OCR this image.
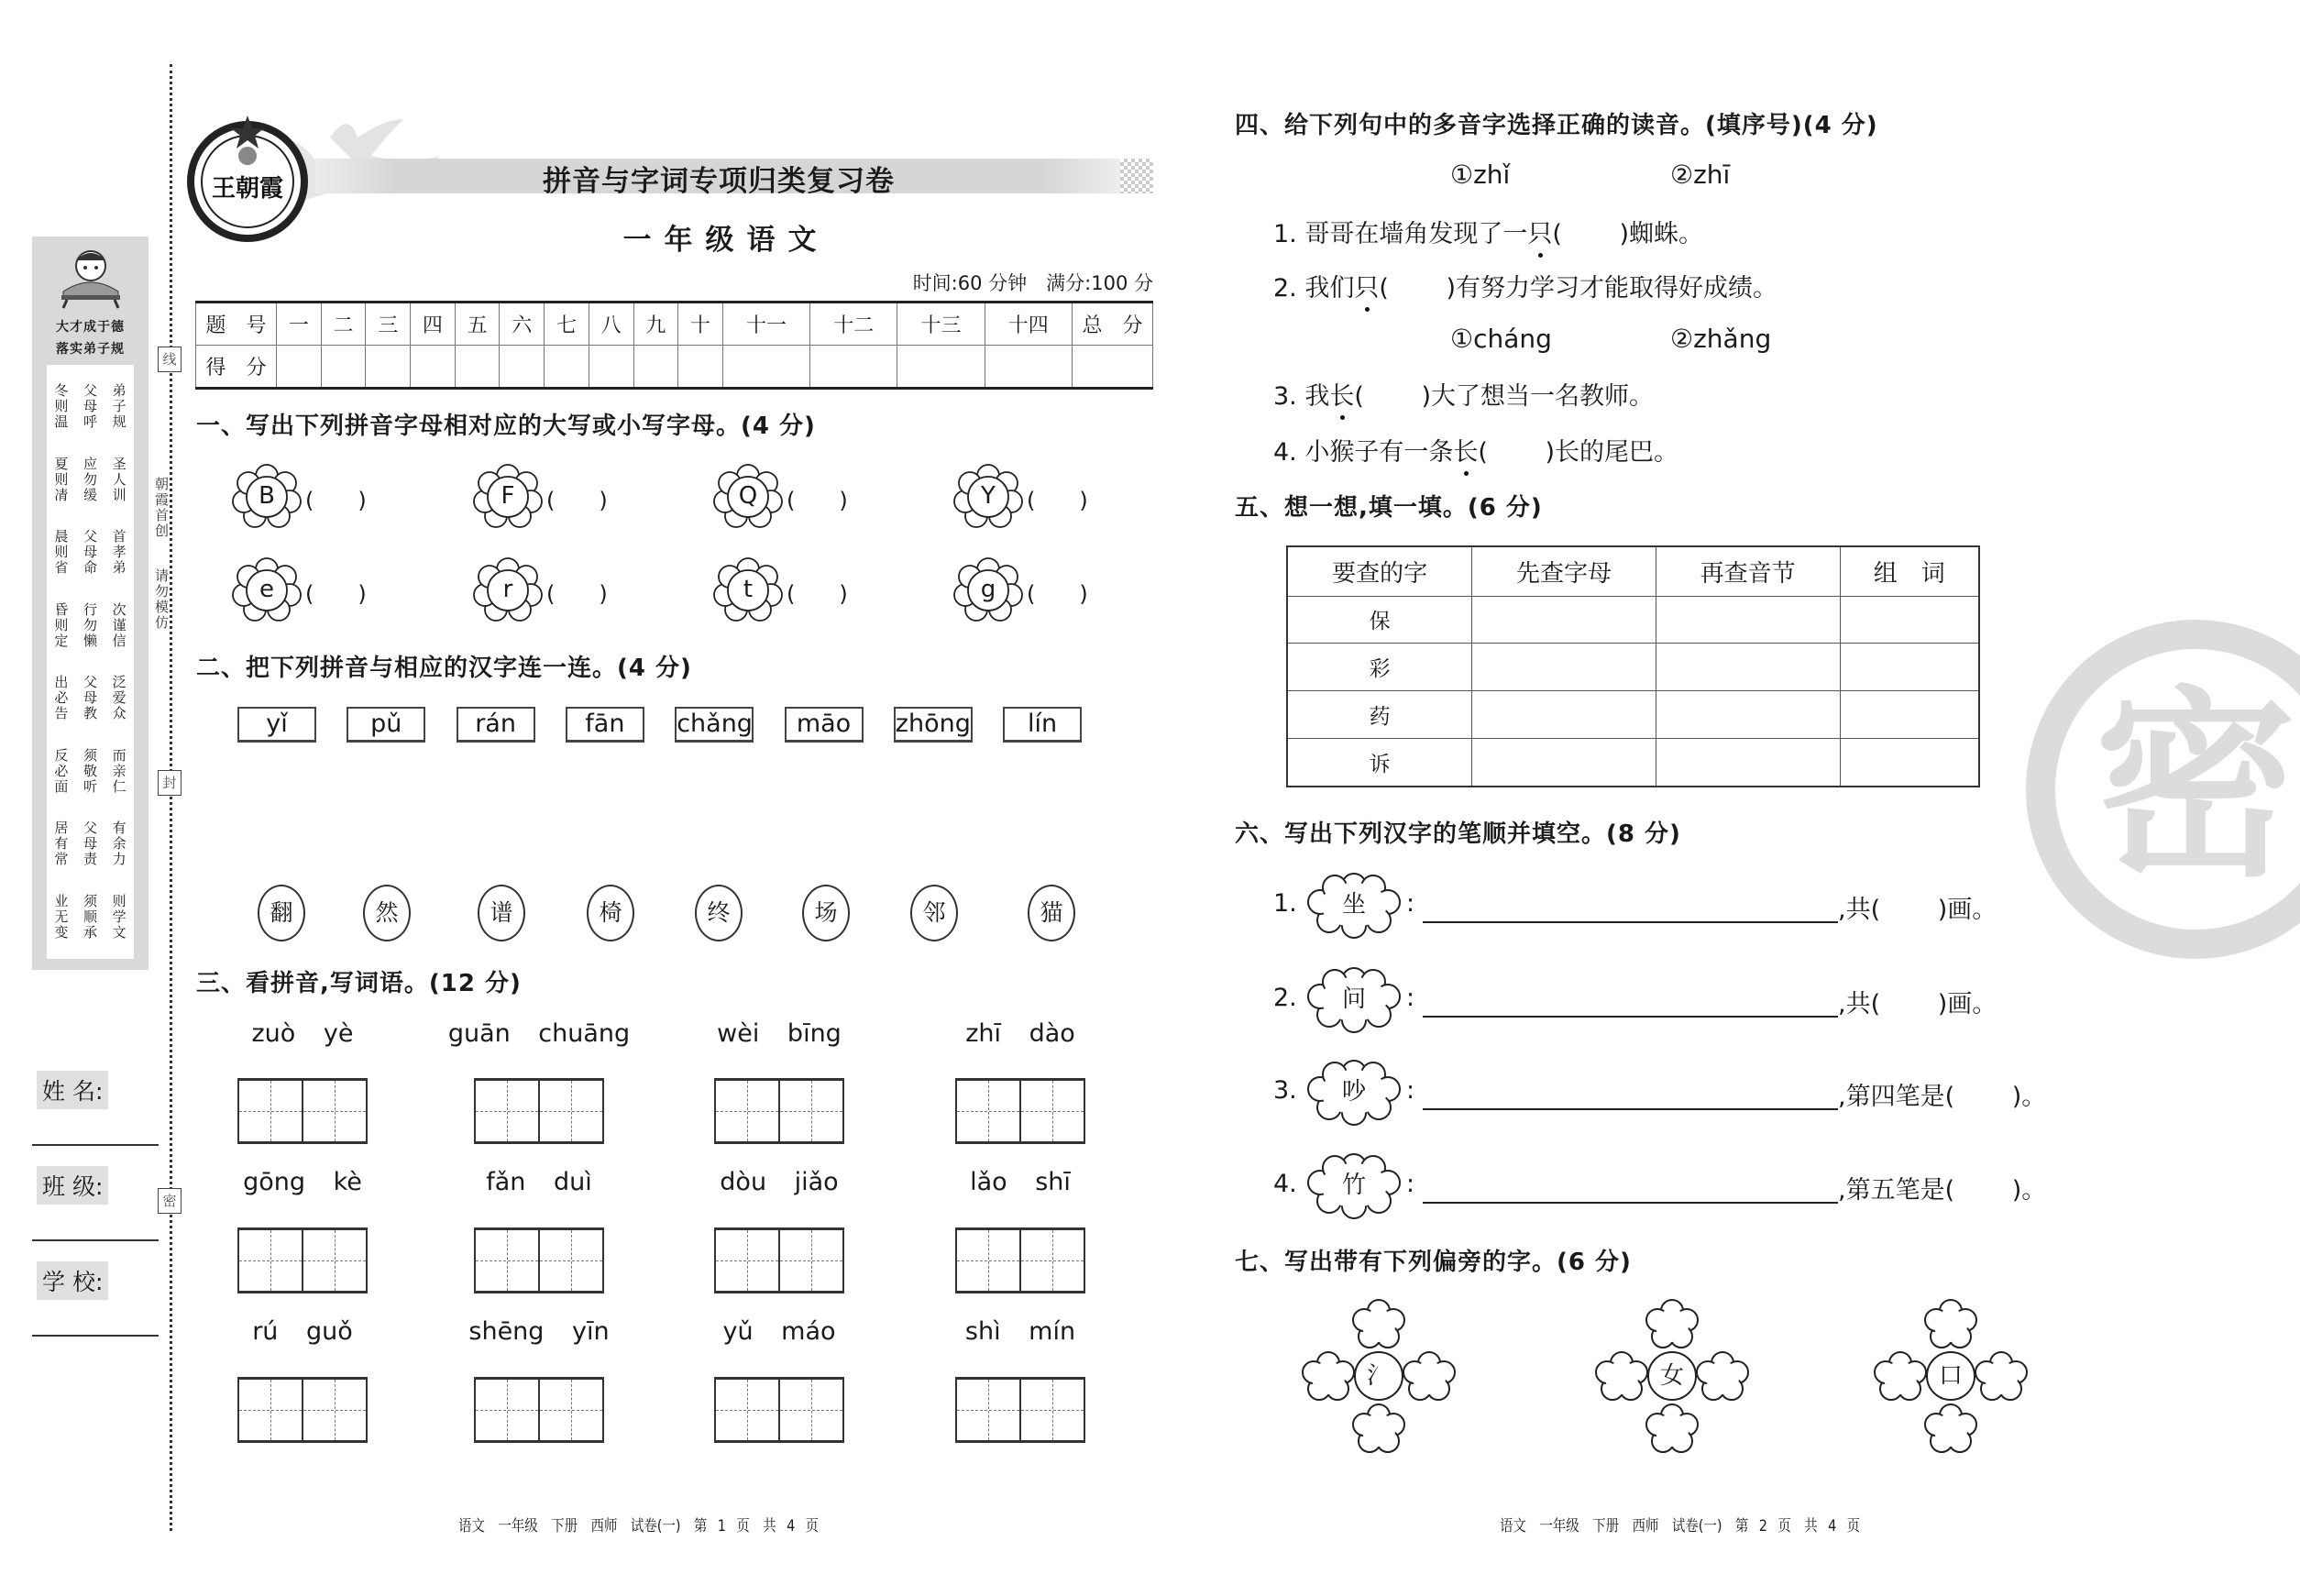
大才成于德
落实弟子规
冬则温
父母呼
弟子规
夏则凊
应勿缓
圣人训
晨则省
父母命
首孝弟
昏则定
行勿懒
次谨信
出必告
父母教
泛爱众
反必面
须敬听
而亲仁
居有常
父母责
有余力
业无变
须顺承
则学文
线
封
密
朝霞首创
请勿模仿
姓 名:
班 级:
学 校:
拼音与字词专项归类复习卷
王朝霞
一年级语文
时间:60 分钟　满分:100 分
题　号	一	二	三	四	五	六	七	八	九	十	十一	十二	十三	十四	总　分
得　分															
一、写出下列拼音字母相对应的大写或小写字母。(4 分)
B	(　　)	F	(　　)	Q	(　　)	Y	(　　)
e	(　　)	r	(　　)	t	(　　)	g	(　　)
二、把下列拼音与相应的汉字连一连。(4 分)
yǐ	pǔ	rán	fān	chǎng	māo	zhōng	lín
翻	然	谱	椅	终	场	邻	猫
三、看拼音,写词语。(12 分)
zuò yè	guān chuāng	wèi bīng	zhī dào
gōng kè	fǎn duì	dòu jiǎo	lǎo shī
rú guǒ	shēng yīn	yǔ máo	shì mín
语文　一年级　下册　西师　试卷(一)　第 1 页　共 4 页
四、给下列句中的多音字选择正确的读音。(填序号)(4 分)
①zhǐ	②zhī
①cháng	②zhǎng
1. 哥哥在墙角发现了一只(　　 )蜘蛛。
2. 我们只(　　 )有努力学习才能取得好成绩。
3. 我长(　　 )大了想当一名教师。
4. 小猴子有一条长(　　 )长的尾巴。
五、想一想,填一填。(6 分)
要查的字	先查字母	再查音节	组　词
保			
彩			
药			
诉				密
六、写出下列汉字的笔顺并填空。(8 分)
1.	坐	:	,共(　　 )画。
2.	问	:	,共(　　 )画。
3.	吵	:	,第四笔是(　　 )。
4.	竹	:	,第五笔是(　　 )。
七、写出带有下列偏旁的字。(6 分)
氵	女	口
语文　一年级　下册　西师　试卷(一)　第 2 页　共 4 页
